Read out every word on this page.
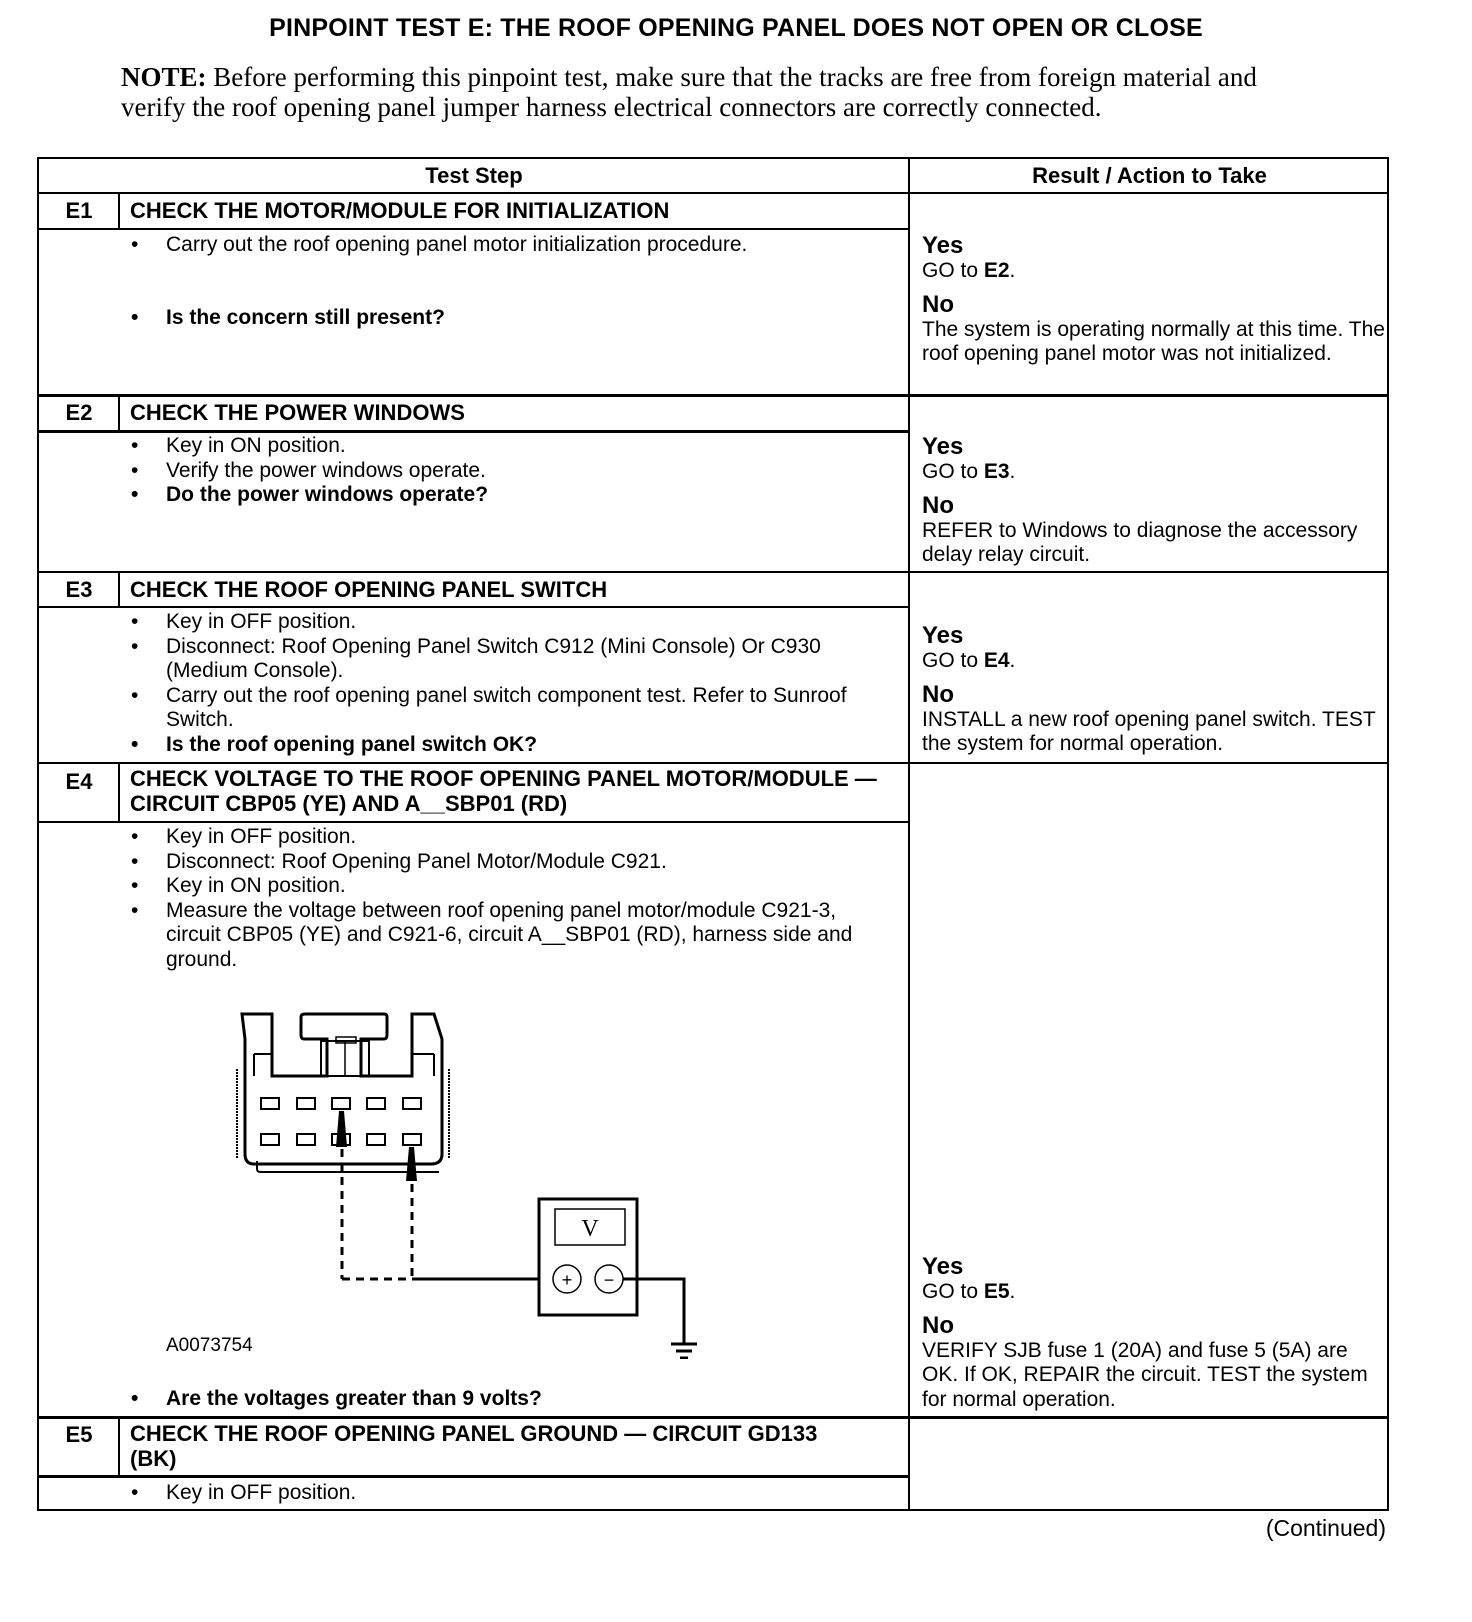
PINPOINT TEST E: THE ROOF OPENING PANEL DOES NOT OPEN OR CLOSE
NOTE: Before performing this pinpoint test, make sure that the tracks are free from foreign material and verify the roof opening panel jumper harness electrical connectors are correctly connected.
Test Step	Result / Action to Take
E1	CHECK THE MOTOR/MODULE FOR INITIALIZATION
• Carry out the roof opening panel motor initialization procedure.
• Is the concern still present?
Yes
GO to E2.
No
The system is operating normally at this time. The roof opening panel motor was not initialized.
E2	CHECK THE POWER WINDOWS
• Key in ON position.
• Verify the power windows operate.
• Do the power windows operate?
Yes
GO to E3.
No
REFER to Windows to diagnose the accessory delay relay circuit.
E3	CHECK THE ROOF OPENING PANEL SWITCH
• Key in OFF position.
• Disconnect: Roof Opening Panel Switch C912 (Mini Console) Or C930 (Medium Console).
• Carry out the roof opening panel switch component test. Refer to Sunroof Switch.
• Is the roof opening panel switch OK?
Yes
GO to E4.
No
INSTALL a new roof opening panel switch. TEST the system for normal operation.
E4	CHECK VOLTAGE TO THE ROOF OPENING PANEL MOTOR/MODULE — CIRCUIT CBP05 (YE) AND A__SBP01 (RD)
• Key in OFF position.
• Disconnect: Roof Opening Panel Motor/Module C921.
• Key in ON position.
• Measure the voltage between roof opening panel motor/module C921-3, circuit CBP05 (YE) and C921-6, circuit A__SBP01 (RD), harness side and ground.
V
+ −
A0073754
• Are the voltages greater than 9 volts?
Yes
GO to E5.
No
VERIFY SJB fuse 1 (20A) and fuse 5 (5A) are OK. If OK, REPAIR the circuit. TEST the system for normal operation.
E5	CHECK THE ROOF OPENING PANEL GROUND — CIRCUIT GD133 (BK)
• Key in OFF position.
(Continued)
